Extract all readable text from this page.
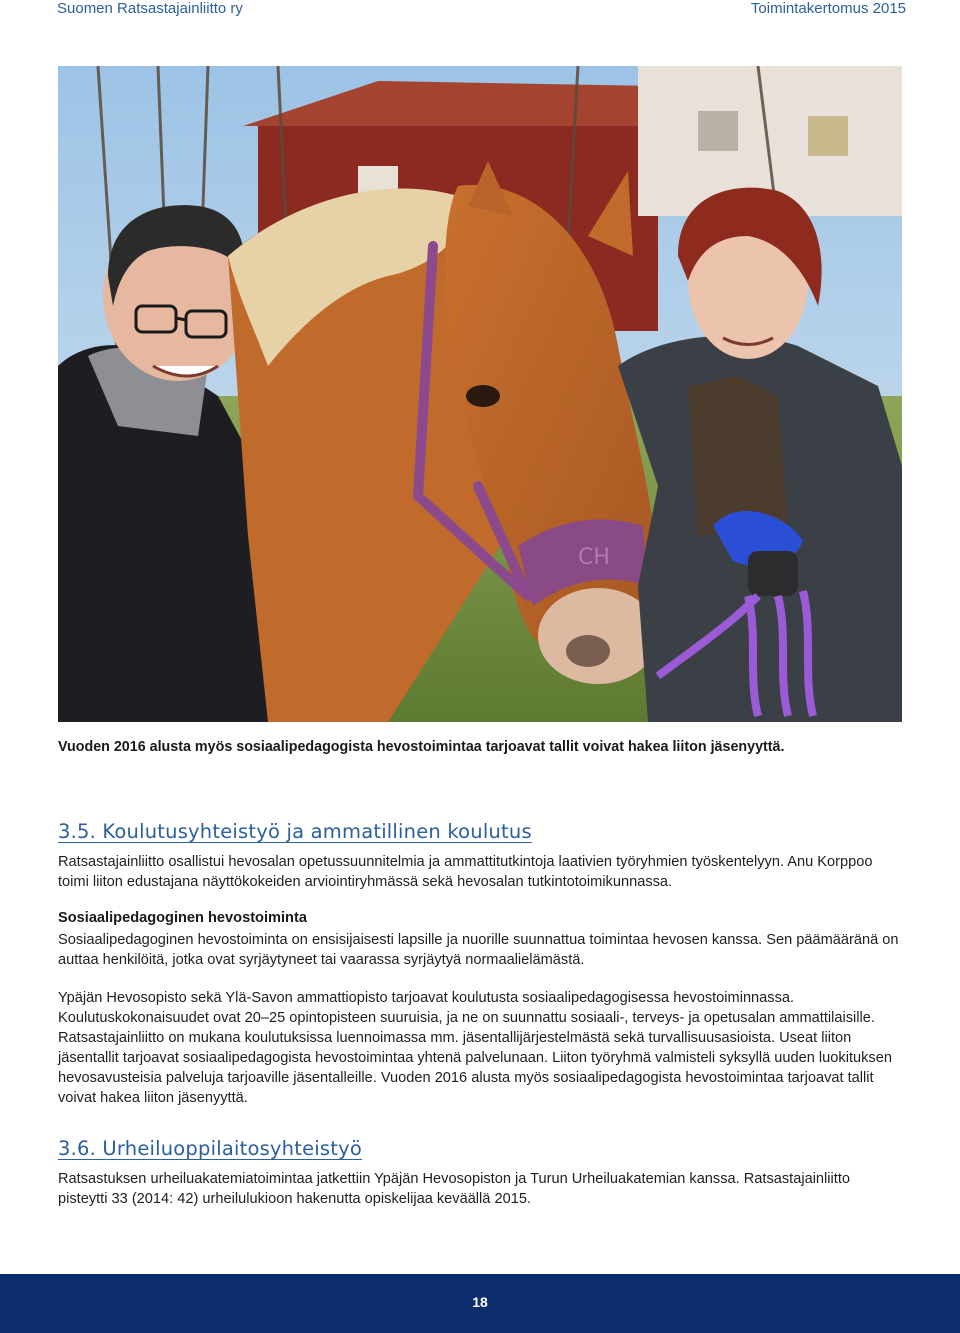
Suomen Ratsastajainliitto ry	Toimintakertomus 2015
CH
Vuoden 2016 alusta myös sosiaalipedagogista hevostoimintaa tarjoavat tallit voivat hakea liiton jäsenyyttä.
3.5. Koulutusyhteistyö ja ammatillinen koulutus
Ratsastajainliitto osallistui hevosalan opetussuunnitelmia ja ammattitutkintoja laativien työryhmien työskentelyyn. Anu Korppoo toimi liiton edustajana näyttökokeiden arviointiryhmässä sekä hevosalan tutkintotoimikunnassa.
Sosiaalipedagoginen hevostoiminta
Sosiaalipedagoginen hevostoiminta on ensisijaisesti lapsille ja nuorille suunnattua toimintaa hevosen kanssa. Sen päämääränä on auttaa henkilöitä, jotka ovat syrjäytyneet tai vaarassa syrjäytyä normaalielämästä.
Ypäjän Hevosopisto sekä Ylä-Savon ammattiopisto tarjoavat koulutusta sosiaalipedagogisessa hevostoiminnassa. Koulutuskokonaisuudet ovat 20–25 opintopisteen suuruisia, ja ne on suunnattu sosiaali-, terveys- ja opetusalan ammattilaisille. Ratsastajainliitto on mukana koulutuksissa luennoimassa mm. jäsentallijärjestelmästä sekä turvallisuusasioista. Useat liiton jäsentallit tarjoavat sosiaalipedagogista hevostoimintaa yhtenä palvelunaan. Liiton työryhmä valmisteli syksyllä uuden luokituksen hevosavusteisia palveluja tarjoaville jäsentalleille. Vuoden 2016 alusta myös sosiaalipedagogista hevostoimintaa tarjoavat tallit voivat hakea liiton jäsenyyttä.
3.6. Urheiluoppilaitosyhteistyö
Ratsastuksen urheiluakatemiatoimintaa jatkettiin Ypäjän Hevosopiston ja Turun Urheiluakatemian kanssa. Ratsastajainliitto pisteytti 33 (2014: 42) urheilulukioon hakenutta opiskelijaa keväällä 2015.
18
